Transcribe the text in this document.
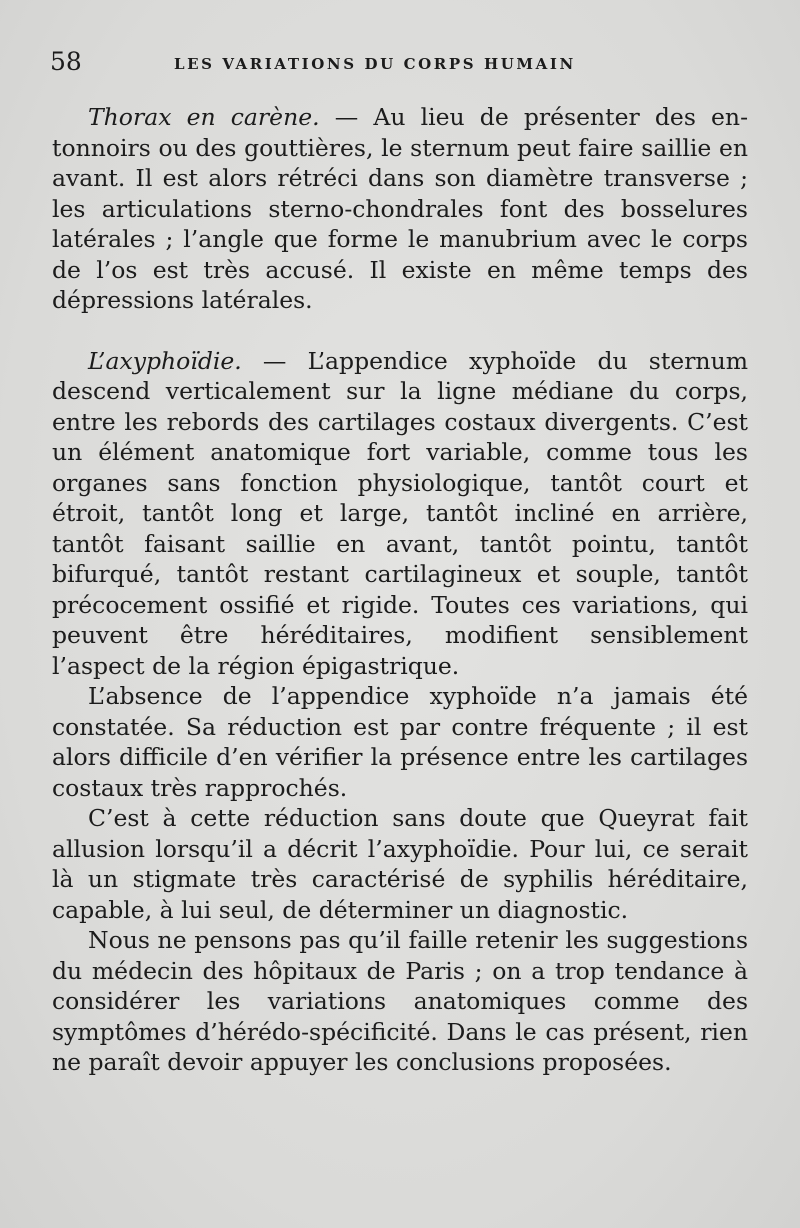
58	LES VARIATIONS DU CORPS HUMAIN

Thorax en carène. — Au lieu de présenter des entonnoirs ou des gouttières, le sternum peut faire saillie en avant. Il est alors rétréci dans son diamètre transverse ; les articulations sterno-chondrales font des bosselures latérales ; l’angle que forme le manubrium avec le corps de l’os est très accusé. Il existe en même temps des dépressions latérales.

L’axyphoïdie. — L’appendice xyphoïde du sternum descend verticalement sur la ligne médiane du corps, entre les rebords des cartilages costaux divergents. C’est un élément anatomique fort variable, comme tous les organes sans fonction physiologique, tantôt court et étroit, tantôt long et large, tantôt incliné en arrière, tantôt faisant saillie en avant, tantôt pointu, tantôt bifurqué, tantôt restant cartilagineux et souple, tantôt précocement ossifié et rigide. Toutes ces variations, qui peuvent être héréditaires, modifient sensiblement l’aspect de la région épigastrique.

L’absence de l’appendice xyphoïde n’a jamais été constatée. Sa réduction est par contre fréquente ; il est alors difficile d’en vérifier la présence entre les cartilages costaux très rapprochés.

C’est à cette réduction sans doute que Queyrat fait allusion lorsqu’il a décrit l’axyphoïdie. Pour lui, ce serait là un stigmate très caractérisé de syphilis héréditaire, capable, à lui seul, de déterminer un diagnostic.

Nous ne pensons pas qu’il faille retenir les suggestions du médecin des hôpitaux de Paris ; on a trop tendance à considérer les variations anatomiques comme des symptômes d’hérédo-spécificité. Dans le cas présent, rien ne paraît devoir appuyer les conclusions proposées.
